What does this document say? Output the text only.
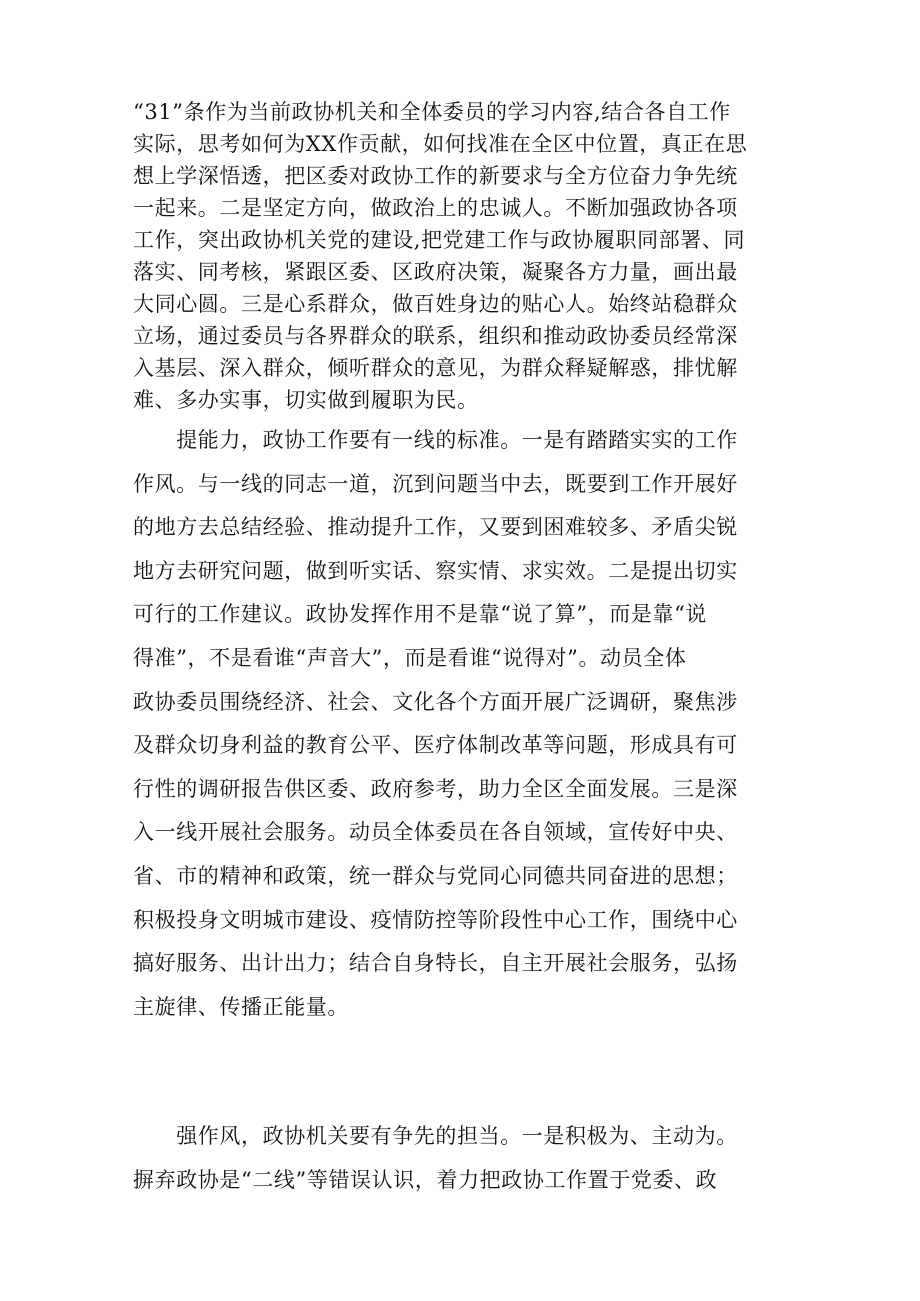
“31”条作为当前政协机关和全体委员的学习内容,结合各自工作
实际，思考如何为XX作贡献，如何找准在全区中位置，真正在思
想上学深悟透，把区委对政协工作的新要求与全方位奋力争先统
一起来。二是坚定方向，做政治上的忠诚人。不断加强政协各项
工作，突出政协机关党的建设,把党建工作与政协履职同部署、同
落实、同考核，紧跟区委、区政府决策，凝聚各方力量，画出最
大同心圆。三是心系群众，做百姓身边的贴心人。始终站稳群众
立场，通过委员与各界群众的联系，组织和推动政协委员经常深
入基层、深入群众，倾听群众的意见，为群众释疑解惑，排忧解
难、多办实事，切实做到履职为民。
　　提能力，政协工作要有一线的标准。一是有踏踏实实的工作
作风。与一线的同志一道，沉到问题当中去，既要到工作开展好
的地方去总结经验、推动提升工作，又要到困难较多、矛盾尖锐
地方去研究问题，做到听实话、察实情、求实效。二是提出切实
可行的工作建议。政协发挥作用不是靠“说了算”，而是靠“说
得准”，不是看谁“声音大”，而是看谁“说得对”。动员全体
政协委员围绕经济、社会、文化各个方面开展广泛调研，聚焦涉
及群众切身利益的教育公平、医疗体制改革等问题，形成具有可
行性的调研报告供区委、政府参考，助力全区全面发展。三是深
入一线开展社会服务。动员全体委员在各自领域，宣传好中央、
省、市的精神和政策，统一群众与党同心同德共同奋进的思想；
积极投身文明城市建设、疫情防控等阶段性中心工作，围绕中心
搞好服务、出计出力；结合自身特长，自主开展社会服务，弘扬
主旋律、传播正能量。
　　强作风，政协机关要有争先的担当。一是积极为、主动为。
摒弃政协是“二线”等错误认识，着力把政协工作置于党委、政
